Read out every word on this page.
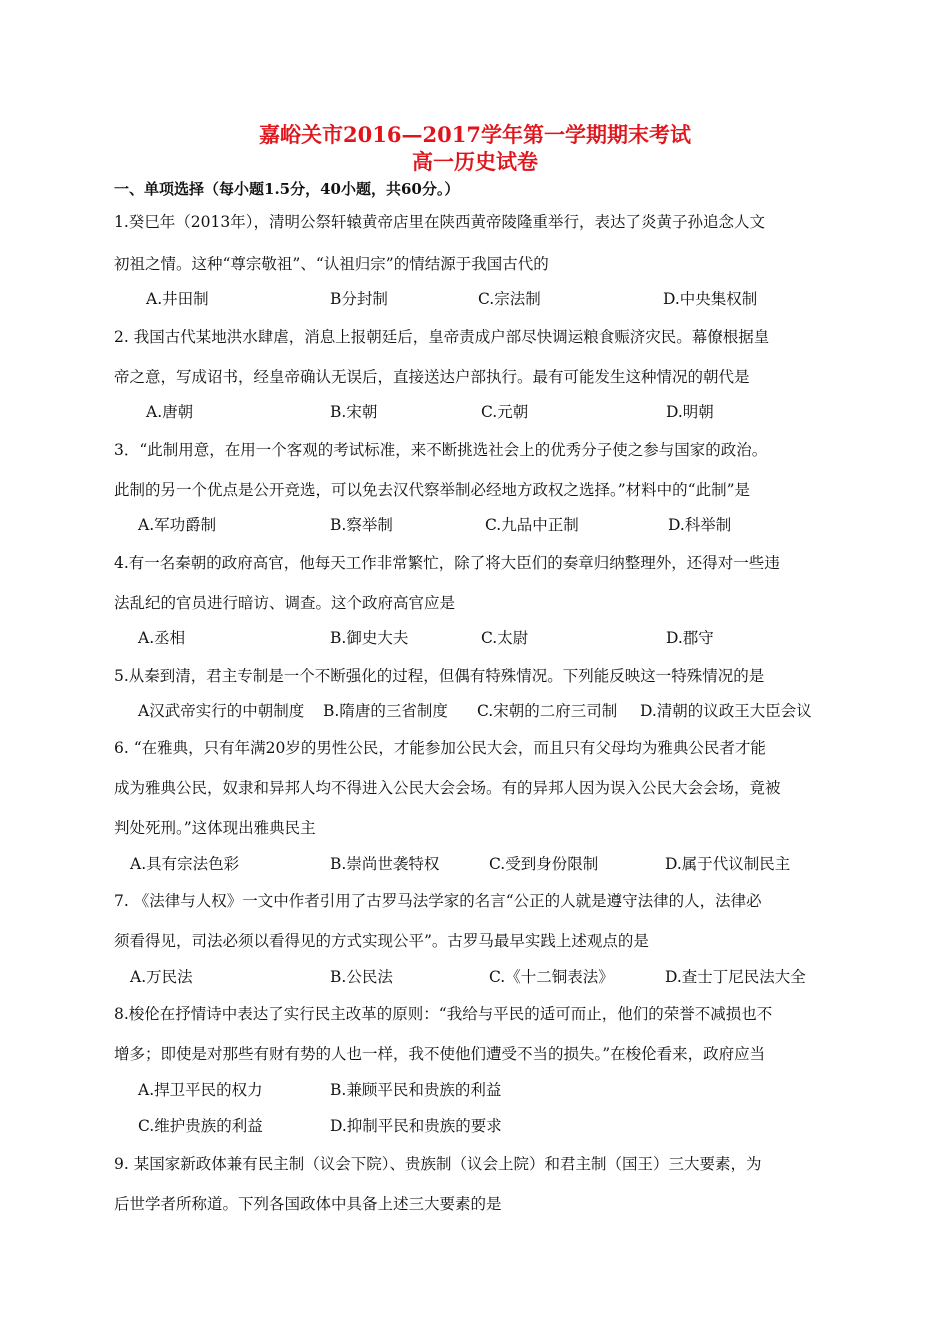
嘉峪关市2016—2017学年第一学期期末考试
高一历史试卷
一、单项选择（每小题1.5分，40小题，共60分。）
1.癸巳年（2013年），清明公祭轩辕黄帝店里在陕西黄帝陵隆重举行，表达了炎黄子孙追念人文
初祖之情。这种“尊宗敬祖”、“认祖归宗”的情结源于我国古代的
A.井田制	B分封制	C.宗法制	D.中央集权制
2. 我国古代某地洪水肆虐，消息上报朝廷后，皇帝责成户部尽快调运粮食赈济灾民。幕僚根据皇
帝之意，写成诏书，经皇帝确认无误后，直接送达户部执行。最有可能发生这种情况的朝代是
A.唐朝	B.宋朝	C.元朝	D.明朝
3．“此制用意，在用一个客观的考试标准，来不断挑选社会上的优秀分子使之参与国家的政治。
此制的另一个优点是公开竞选，可以免去汉代察举制必经地方政权之选择。”材料中的“此制”是
A.军功爵制	B.察举制	C.九品中正制	D.科举制
4.有一名秦朝的政府高官，他每天工作非常繁忙，除了将大臣们的奏章归纳整理外，还得对一些违
法乱纪的官员进行暗访、调查。这个政府高官应是
A.丞相	B.御史大夫	C.太尉	D.郡守
5.从秦到清，君主专制是一个不断强化的过程，但偶有特殊情况。下列能反映这一特殊情况的是
A汉武帝实行的中朝制度 B.隋唐的三省制度 C.宋朝的二府三司制 D.清朝的议政王大臣会议
6. “在雅典，只有年满20岁的男性公民，才能参加公民大会，而且只有父母均为雅典公民者才能
成为雅典公民，奴隶和异邦人均不得进入公民大会会场。有的异邦人因为误入公民大会会场，竟被
判处死刑。”这体现出雅典民主
A.具有宗法色彩	B.崇尚世袭特权	C.受到身份限制	D.属于代议制民主
7. 《法律与人权》一文中作者引用了古罗马法学家的名言“公正的人就是遵守法律的人，法律必
须看得见，司法必须以看得见的方式实现公平”。古罗马最早实践上述观点的是
A.万民法	B.公民法	C.《十二铜表法》	D.查士丁尼民法大全
8.梭伦在抒情诗中表达了实行民主改革的原则：“我给与平民的适可而止，他们的荣誉不减损也不
增多；即使是对那些有财有势的人也一样，我不使他们遭受不当的损失。”在梭伦看来，政府应当
A.捍卫平民的权力	B.兼顾平民和贵族的利益
C.维护贵族的利益	D.抑制平民和贵族的要求
9. 某国家新政体兼有民主制（议会下院）、贵族制（议会上院）和君主制（国王）三大要素，为
后世学者所称道。下列各国政体中具备上述三大要素的是
